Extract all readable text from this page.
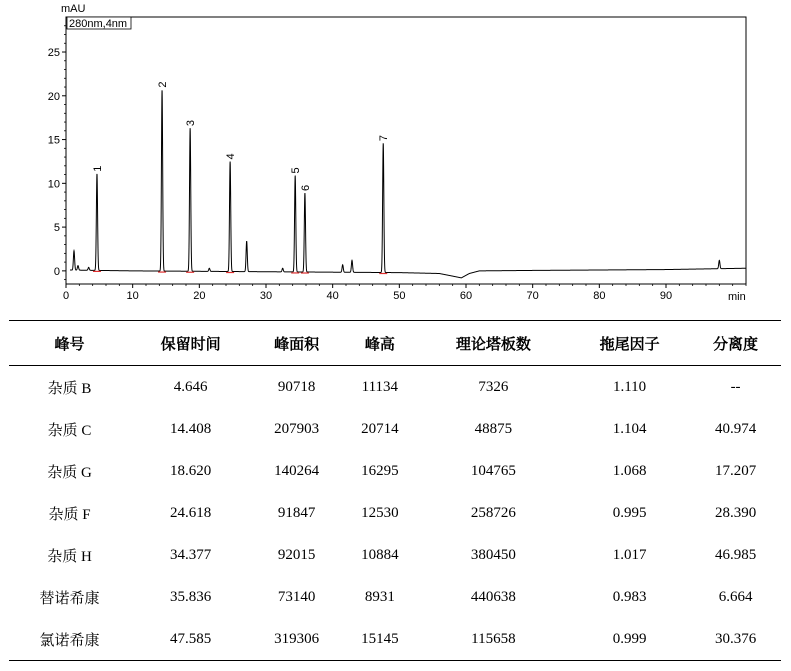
0	10	20	30	40	50	60	70	80	90
0
5
10
15
20
25
mAU
min
280nm,4nm
1
2
3
4
5
6
7
峰号	保留时间	峰面积	峰高	理论塔板数	拖尾因子	分离度
杂质 B	4.646	90718	11134	7326	1.110	--
杂质 C	14.408	207903	20714	48875	1.104	40.974
杂质 G	18.620	140264	16295	104765	1.068	17.207
杂质 F	24.618	91847	12530	258726	0.995	28.390
杂质 H	34.377	92015	10884	380450	1.017	46.985
替诺希康	35.836	73140	8931	440638	0.983	6.664
氯诺希康	47.585	319306	15145	115658	0.999	30.376
